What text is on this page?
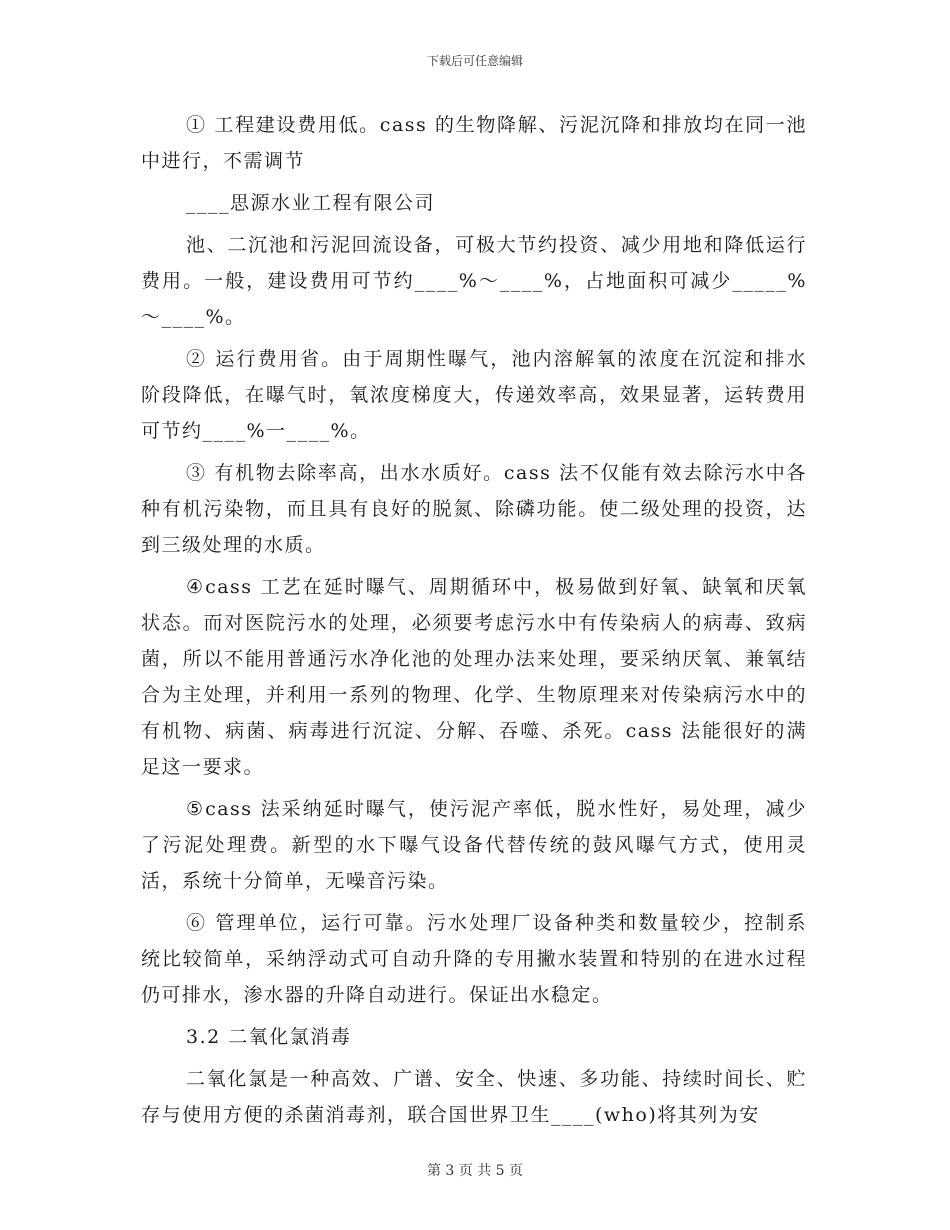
下载后可任意编辑

① 工程建设费用低。cass 的生物降解、污泥沉降和排放均在同一池中进行，不需调节

____思源水业工程有限公司

池、二沉池和污泥回流设备，可极大节约投资、减少用地和降低运行费用。一般，建设费用可节约____%～____%，占地面积可减少_____%～____%。

② 运行费用省。由于周期性曝气，池内溶解氧的浓度在沉淀和排水阶段降低，在曝气时，氧浓度梯度大，传递效率高，效果显著，运转费用可节约____%一____%。

③ 有机物去除率高，出水水质好。cass 法不仅能有效去除污水中各种有机污染物，而且具有良好的脱氮、除磷功能。使二级处理的投资，达到三级处理的水质。

④cass 工艺在延时曝气、周期循环中，极易做到好氧、缺氧和厌氧状态。而对医院污水的处理，必须要考虑污水中有传染病人的病毒、致病菌，所以不能用普通污水净化池的处理办法来处理，要采纳厌氧、兼氧结合为主处理，并利用一系列的物理、化学、生物原理来对传染病污水中的有机物、病菌、病毒进行沉淀、分解、吞噬、杀死。cass 法能很好的满足这一要求。

⑤cass 法采纳延时曝气，使污泥产率低，脱水性好，易处理，减少了污泥处理费。新型的水下曝气设备代替传统的鼓风曝气方式，使用灵活，系统十分简单，无噪音污染。

⑥ 管理单位，运行可靠。污水处理厂设备种类和数量较少，控制系统比较简单，采纳浮动式可自动升降的专用撇水装置和特别的在进水过程仍可排水，渗水器的升降自动进行。保证出水稳定。

3.2 二氧化氯消毒

二氧化氯是一种高效、广谱、安全、快速、多功能、持续时间长、贮存与使用方便的杀菌消毒剂，联合国世界卫生____(who)将其列为安

第 3 页 共 5 页
